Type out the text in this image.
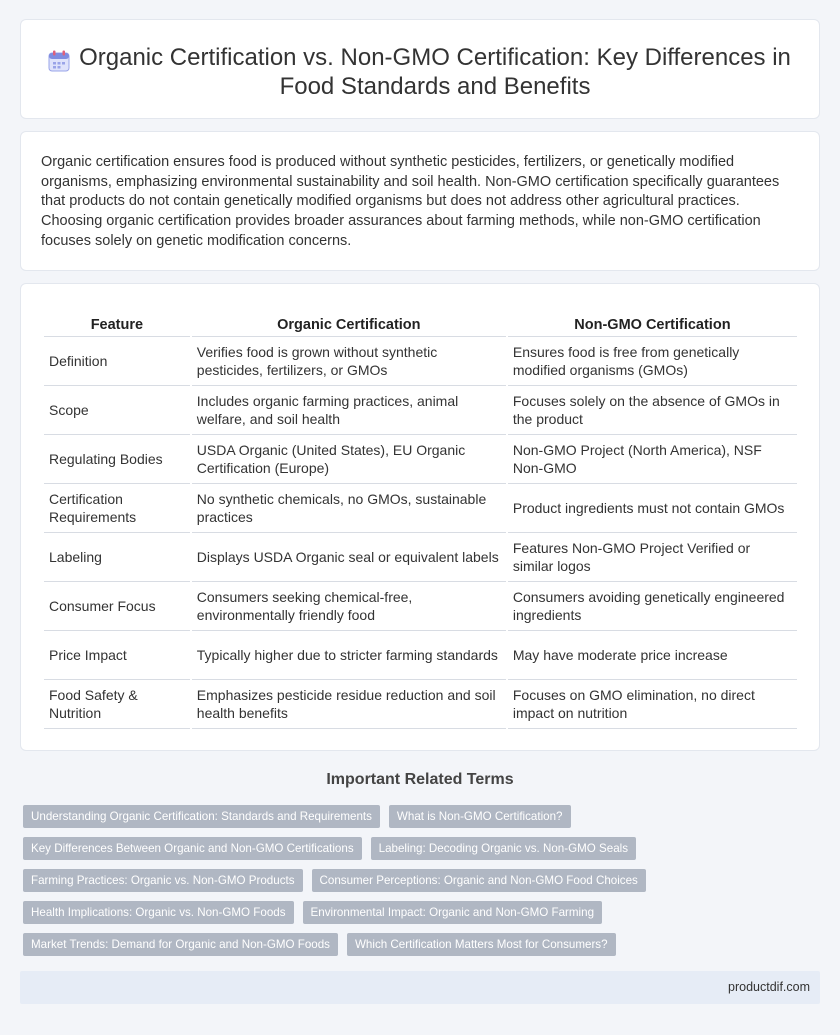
Organic Certification vs. Non-GMO Certification: Key Differences in Food Standards and Benefits

Organic certification ensures food is produced without synthetic pesticides, fertilizers, or genetically modified organisms, emphasizing environmental sustainability and soil health. Non-GMO certification specifically guarantees that products do not contain genetically modified organisms but does not address other agricultural practices. Choosing organic certification provides broader assurances about farming methods, while non-GMO certification focuses solely on genetic modification concerns.

Feature	Organic Certification	Non-GMO Certification
Definition	Verifies food is grown without synthetic pesticides, fertilizers, or GMOs	Ensures food is free from genetically modified organisms (GMOs)
Scope	Includes organic farming practices, animal welfare, and soil health	Focuses solely on the absence of GMOs in the product
Regulating Bodies	USDA Organic (United States), EU Organic Certification (Europe)	Non-GMO Project (North America), NSF Non-GMO
Certification Requirements	No synthetic chemicals, no GMOs, sustainable practices	Product ingredients must not contain GMOs
Labeling	Displays USDA Organic seal or equivalent labels	Features Non-GMO Project Verified or similar logos
Consumer Focus	Consumers seeking chemical-free, environmentally friendly food	Consumers avoiding genetically engineered ingredients
Price Impact	Typically higher due to stricter farming standards	May have moderate price increase
Food Safety & Nutrition	Emphasizes pesticide residue reduction and soil health benefits	Focuses on GMO elimination, no direct impact on nutrition
Important Related Terms
Understanding Organic Certification: Standards and Requirements	What is Non-GMO Certification?
Key Differences Between Organic and Non-GMO Certifications	Labeling: Decoding Organic vs. Non-GMO Seals
Farming Practices: Organic vs. Non-GMO Products	Consumer Perceptions: Organic and Non-GMO Food Choices
Health Implications: Organic vs. Non-GMO Foods	Environmental Impact: Organic and Non-GMO Farming
Market Trends: Demand for Organic and Non-GMO Foods	Which Certification Matters Most for Consumers?
productdif.com
